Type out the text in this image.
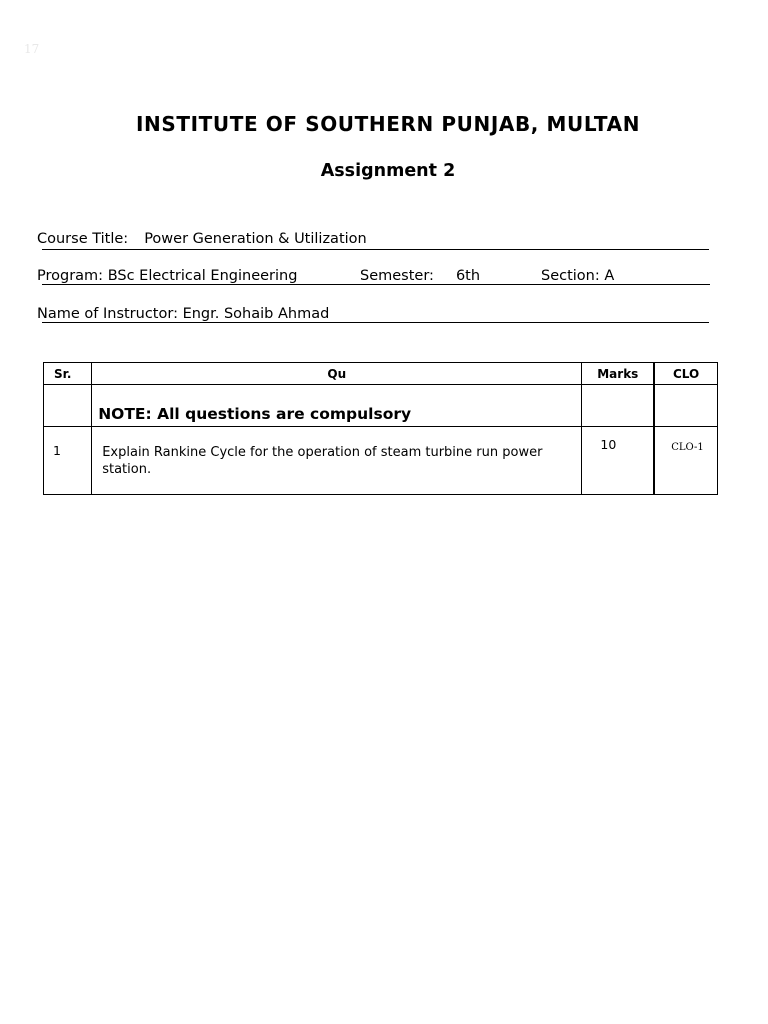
17
INSTITUTE OF SOUTHERN PUNJAB, MULTAN
Assignment 2
Course Title: Power Generation & Utilization
Program: BSc Electrical Engineering	Semester: 6th	Section: A
Name of Instructor: Engr. Sohaib Ahmad
Sr.	Qu	Marks	CLO

	NOTE: All questions are compulsory		

1	Explain Rankine Cycle for the operation of steam turbine run power station.	10	CLO-1
